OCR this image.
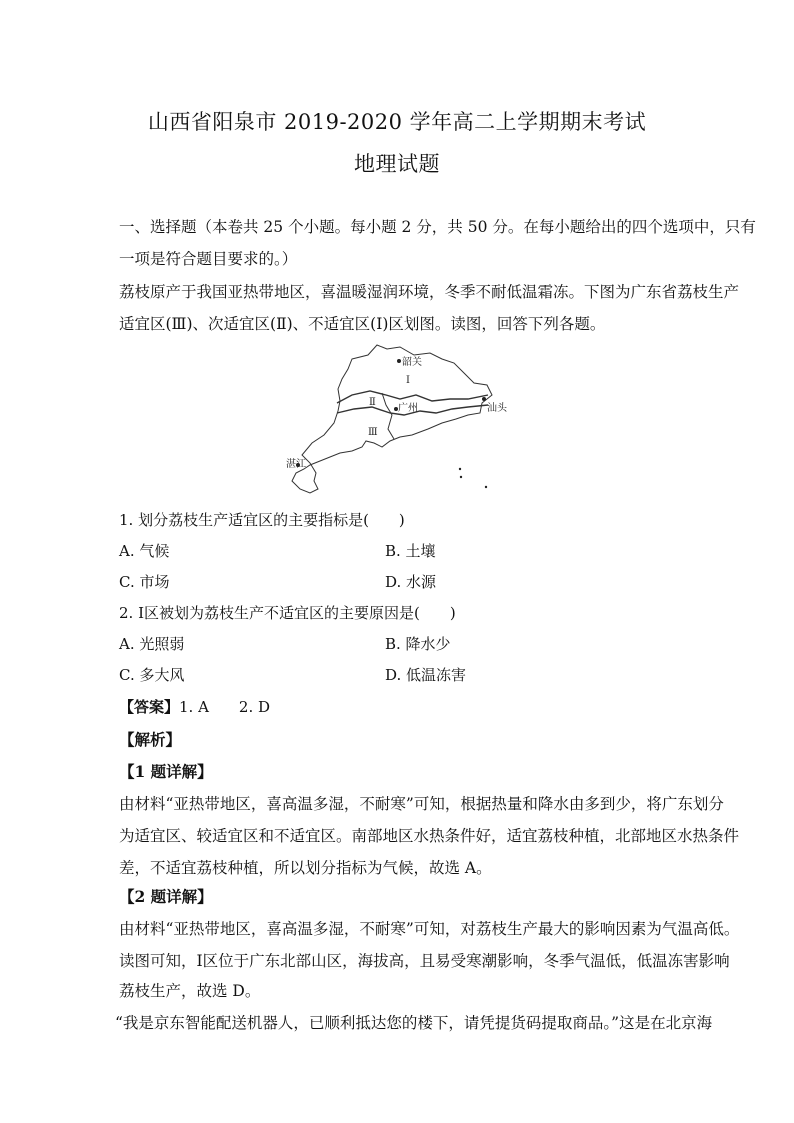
山西省阳泉市 2019-2020 学年高二上学期期末考试
地理试题
一、选择题（本卷共 25 个小题。每小题 2 分，共 50 分。在每小题给出的四个选项中，只有
一项是符合题目要求的。）
荔枝原产于我国亚热带地区，喜温暖湿润环境，冬季不耐低温霜冻。下图为广东省荔枝生产
适宜区(Ⅲ)、次适宜区(Ⅱ)、不适宜区(Ⅰ)区划图。读图，回答下列各题。
韶关
广州	汕头
湛江
Ⅰ
Ⅱ
Ⅲ
1. 划分荔枝生产适宜区的主要指标是(　　)
A. 气候	B. 土壤
C. 市场	D. 水源
2. Ⅰ区被划为荔枝生产不适宜区的主要原因是(　　)
A. 光照弱	B. 降水少
C. 多大风	D. 低温冻害
【答案】1. A　　2. D
【解析】
【1 题详解】
由材料“亚热带地区，喜高温多湿，不耐寒”可知，根据热量和降水由多到少，将广东划分
为适宜区、较适宜区和不适宜区。南部地区水热条件好，适宜荔枝种植，北部地区水热条件
差，不适宜荔枝种植，所以划分指标为气候，故选 A。
【2 题详解】
由材料“亚热带地区，喜高温多湿，不耐寒”可知，对荔枝生产最大的影响因素为气温高低。
读图可知，Ⅰ区位于广东北部山区，海拔高，且易受寒潮影响，冬季气温低，低温冻害影响
荔枝生产，故选 D。
“我是京东智能配送机器人，已顺利抵达您的楼下，请凭提货码提取商品。”这是在北京海
